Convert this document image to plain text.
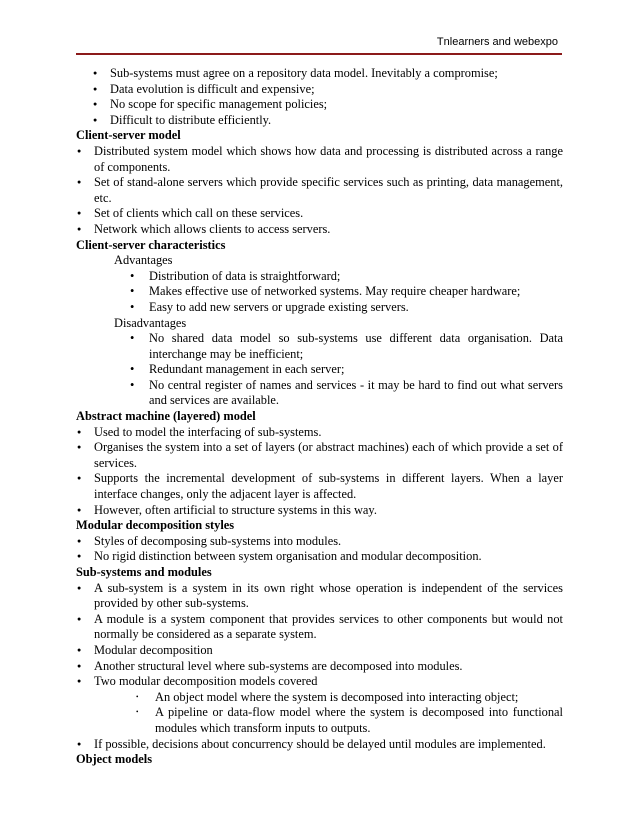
Tnlearners and webexpo
● Sub-systems must agree on a repository data model. Inevitably a compromise;
● Data evolution is difficult and expensive;
● No scope for specific management policies;
● Difficult to distribute efficiently.
Client-server model
● Distributed system model which shows how data and processing is distributed across a range of components.
● Set of stand-alone servers which provide specific services such as printing, data management, etc.
● Set of clients which call on these services.
● Network which allows clients to access servers.
Client-server characteristics
Advantages
• Distribution of data is straightforward;
• Makes effective use of networked systems. May require cheaper hardware;
• Easy to add new servers or upgrade existing servers.
Disadvantages
• No shared data model so sub-systems use different data organisation. Data interchange may be inefficient;
• Redundant management in each server;
• No central register of names and services - it may be hard to find out what servers and services are available.
Abstract machine (layered) model
● Used to model the interfacing of sub-systems.
● Organises the system into a set of layers (or abstract machines) each of which provide a set of services.
● Supports the incremental development of sub-systems in different layers. When a layer interface changes, only the adjacent layer is affected.
● However, often artificial to structure systems in this way.
Modular decomposition styles
● Styles of decomposing sub-systems into modules.
● No rigid distinction between system organisation and modular decomposition.
Sub-systems and modules
● A sub-system is a system in its own right whose operation is independent of the services provided by other sub-systems.
● A module is a system component that provides services to other components but would not normally be considered as a separate system.
● Modular decomposition
● Another structural level where sub-systems are decomposed into modules.
● Two modular decomposition models covered
• An object model where the system is decomposed into interacting object;
• A pipeline or data-flow model where the system is decomposed into functional modules which transform inputs to outputs.
● If possible, decisions about concurrency should be delayed until modules are implemented.
Object models
